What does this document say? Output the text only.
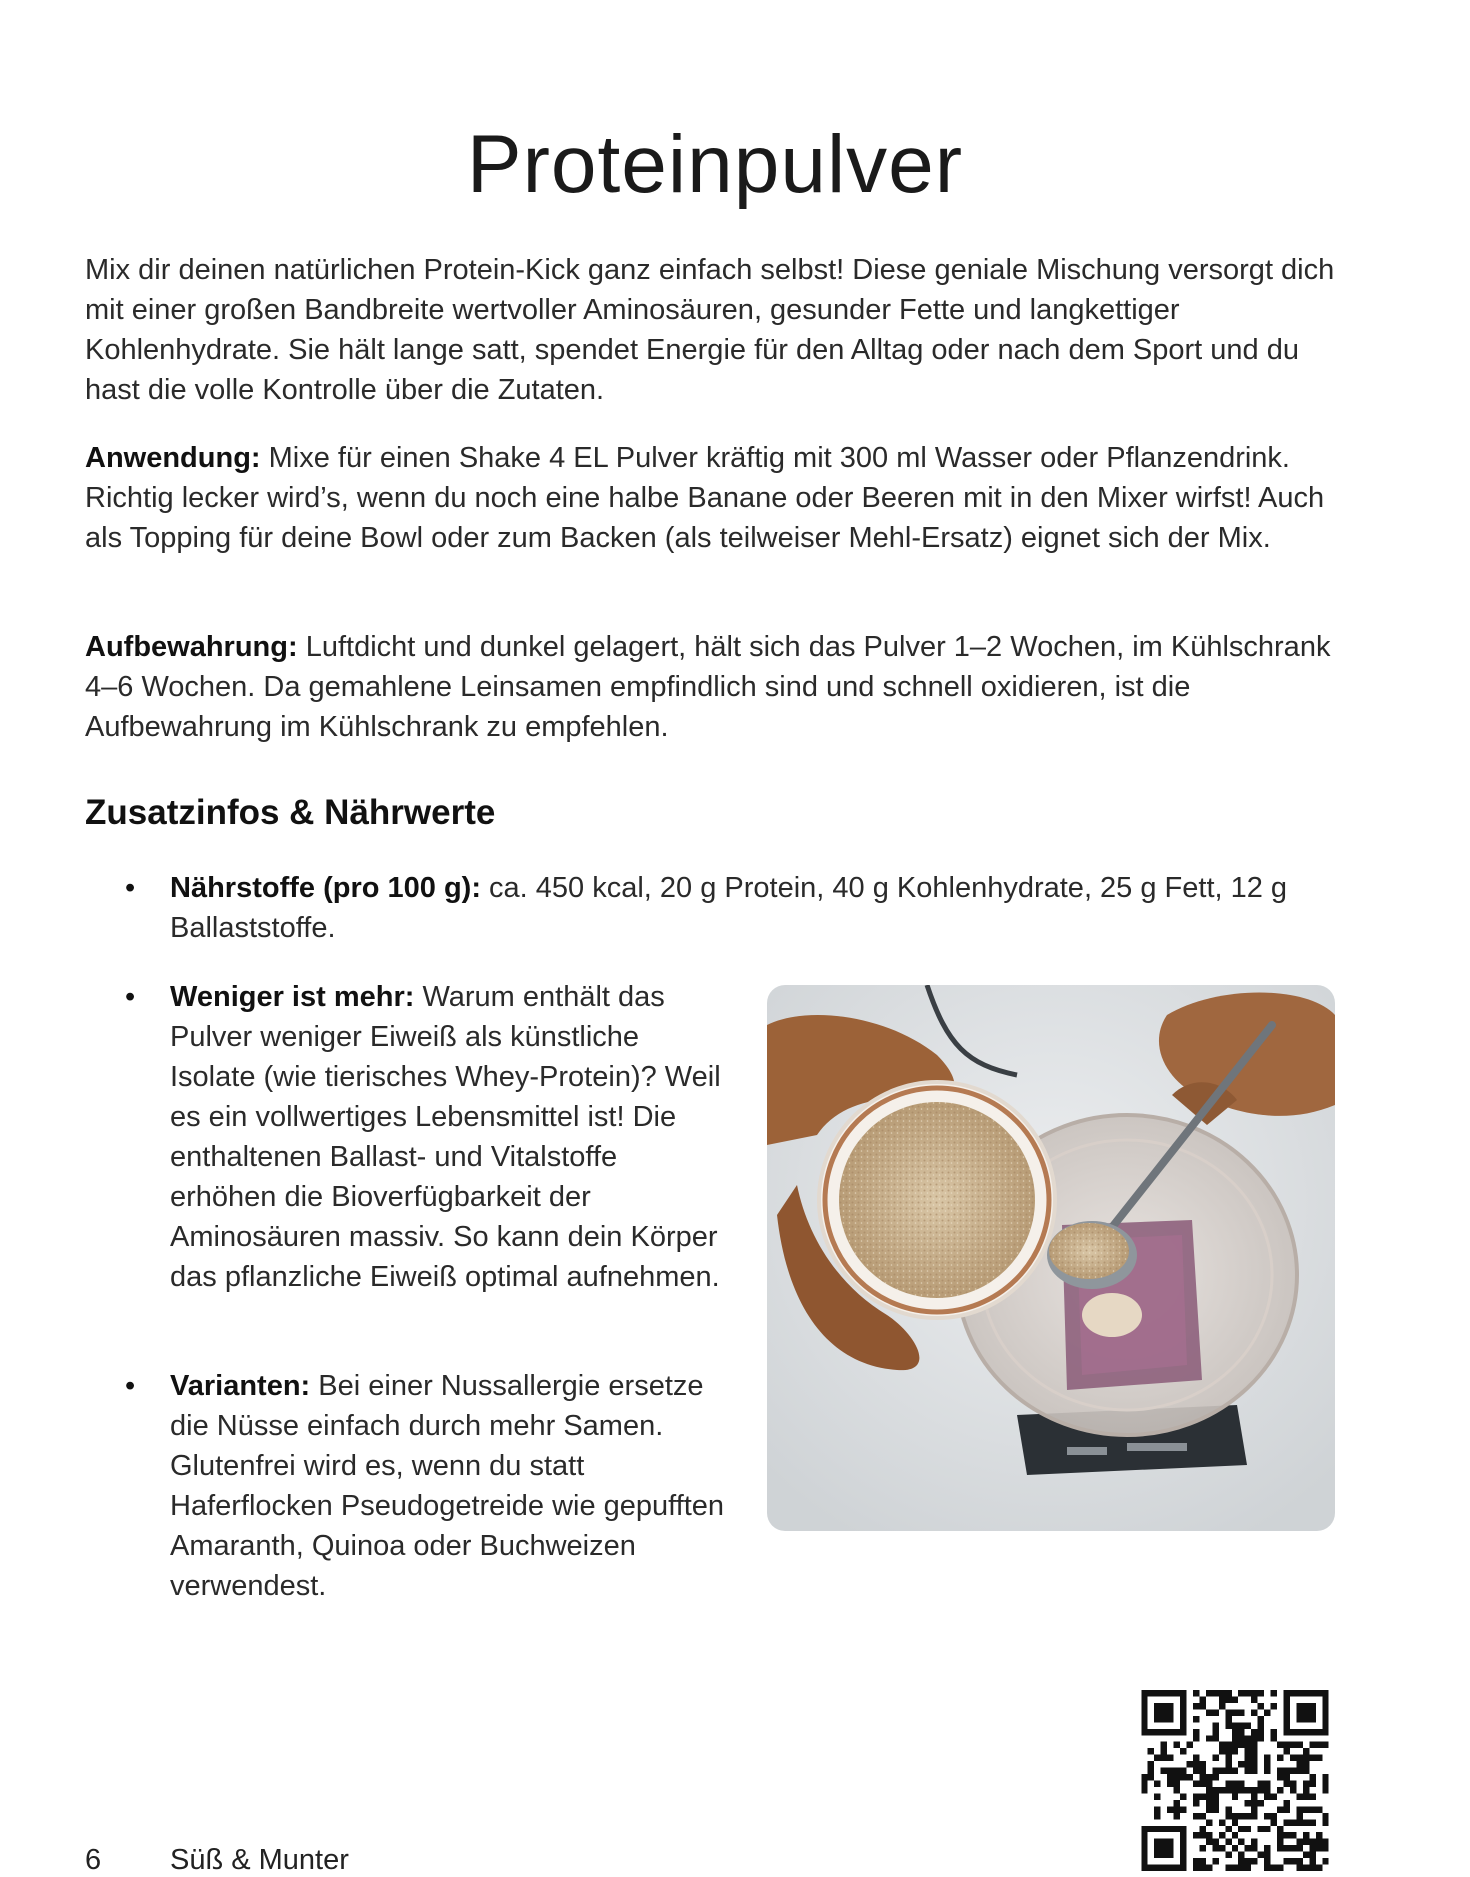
Proteinpulver

Mix dir deinen natürlichen Protein-Kick ganz einfach selbst! Diese geniale Mischung versorgt dich mit einer großen Bandbreite wertvoller Aminosäuren, gesunder Fette und langkettiger Kohlenhydrate. Sie hält lange satt, spendet Energie für den Alltag oder nach dem Sport und du hast die volle Kontrolle über die Zutaten.

Anwendung: Mixe für einen Shake 4 EL Pulver kräftig mit 300 ml Wasser oder Pflanzendrink. Richtig lecker wird’s, wenn du noch eine halbe Banane oder Beeren mit in den Mixer wirfst! Auch als Topping für deine Bowl oder zum Backen (als teilweiser Mehl-Ersatz) eignet sich der Mix.

Aufbewahrung: Luftdicht und dunkel gelagert, hält sich das Pulver 1–2 Wochen, im Kühlschrank 4–6 Wochen. Da gemahlene Leinsamen empfindlich sind und schnell oxidieren, ist die Aufbewahrung im Kühlschrank zu empfehlen.

Zusatzinfos & Nährwerte

• Nährstoffe (pro 100 g): ca. 450 kcal, 20 g Protein, 40 g Kohlenhydrate, 25 g Fett, 12 g Ballaststoffe.

• Weniger ist mehr: Warum enthält das Pulver weniger Eiweiß als künstliche Isolate (wie tierisches Whey-Protein)? Weil es ein vollwertiges Lebensmittel ist! Die enthaltenen Ballast- und Vitalstoffe erhöhen die Bioverfügbarkeit der Aminosäuren massiv. So kann dein Körper das pflanzliche Eiweiß optimal aufnehmen.

• Varianten: Bei einer Nussallergie ersetze die Nüsse einfach durch mehr Samen. Glutenfrei wird es, wenn du statt Haferflocken Pseudogetreide wie gepufften Amaranth, Quinoa oder Buchweizen verwendest.

6 Süß & Munter
